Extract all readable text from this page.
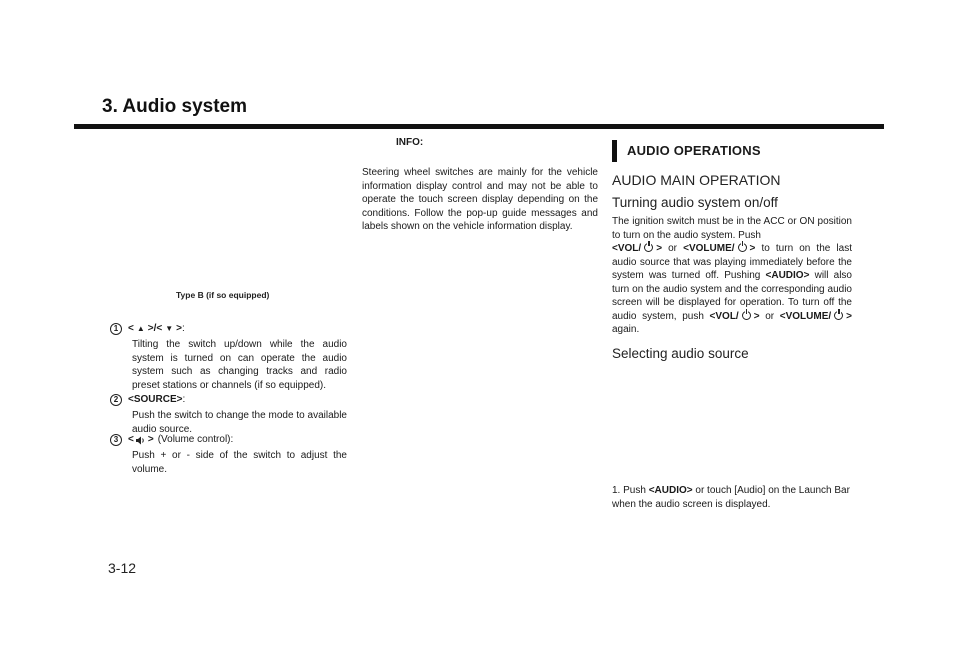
3. Audio system
Type B (if so equipped)
1 < ▲ >/< ▼ > :
Tilting the switch up/down while the audio system is turned on can operate the audio system such as changing tracks and radio preset stations or channels (if so equipped).
2 <SOURCE> :
Push the switch to change the mode to available audio source.
3 < > (Volume control):
Push + or - side of the switch to adjust the volume.
INFO:
Steering wheel switches are mainly for the vehicle information display control and may not be able to operate the touch screen display depending on the conditions. Follow the pop-up guide messages and labels shown on the vehicle information display.
AUDIO OPERATIONS
AUDIO MAIN OPERATION
Turning audio system on/off
The ignition switch must be in the ACC or ON position to turn on the audio system. Push
<VOL/ > or <VOLUME/ > to turn on the last audio source that was playing immediately before the system was turned off. Pushing <AUDIO> will also turn on the audio system and the corresponding audio screen will be displayed for operation. To turn off the audio system, push <VOL/ > or <VOLUME/ > again.
Selecting audio source
1. Push <AUDIO> or touch [Audio] on the Launch Bar when the audio screen is displayed.
3-12
